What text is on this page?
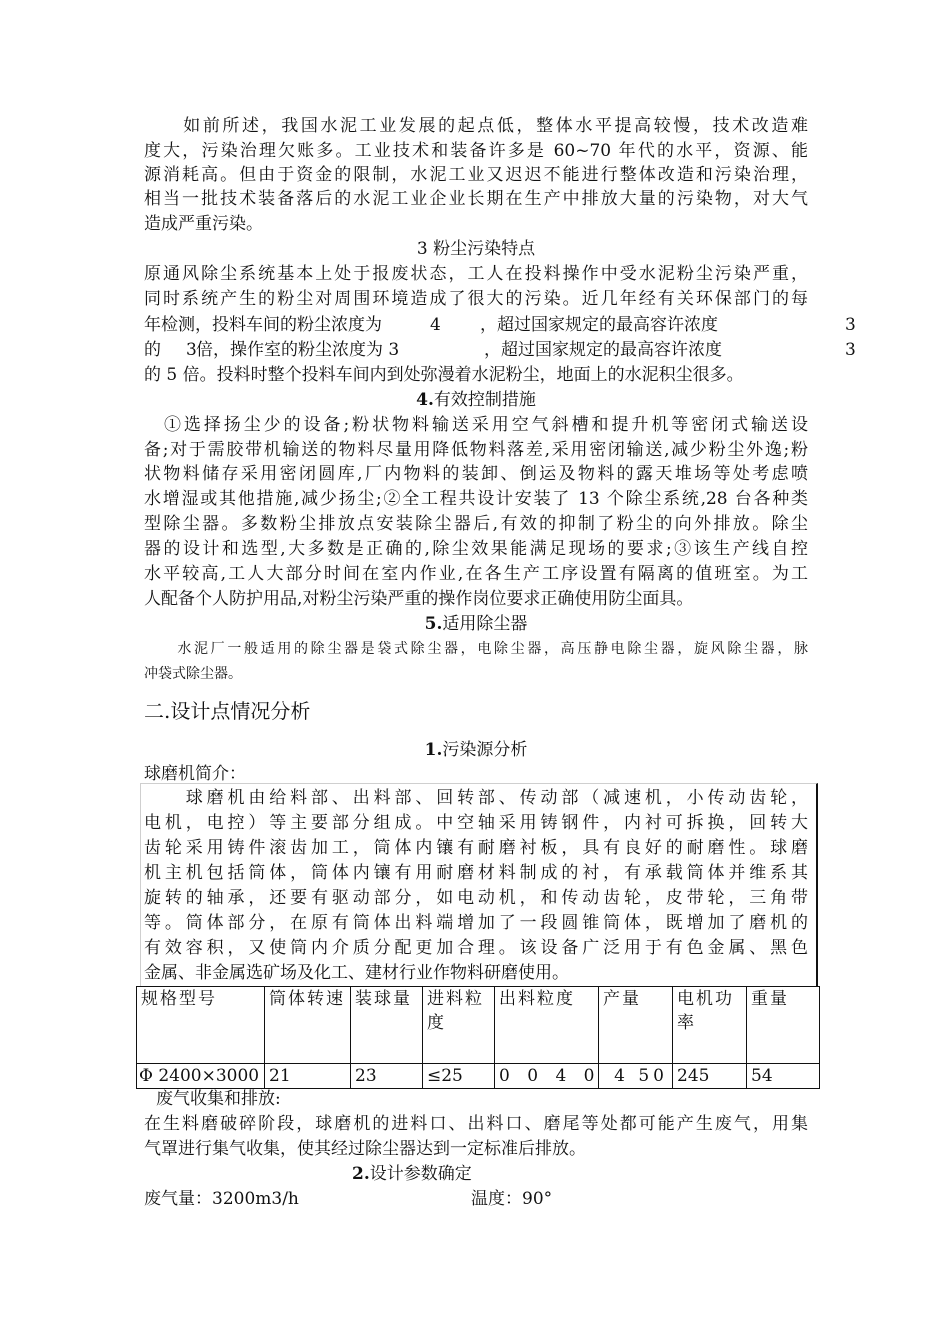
　　如前所述，我国水泥工业发展的起点低，整体水平提高较慢，技术改造难
度大，污染治理欠账多。工业技术和装备许多是 60~70 年代的水平，资源、能
源消耗高。但由于资金的限制，水泥工业又迟迟不能进行整体改造和污染治理，
相当一批技术装备落后的水泥工业企业长期在生产中排放大量的污染物，对大气
造成严重污染。
3 粉尘污染特点
原通风除尘系统基本上处于报废状态，工人在投料操作中受水泥粉尘污染严重，
同时系统产生的粉尘对周围环境造成了很大的污染。近几年经有关环保部门的每
年检测，投料车间的粉尘浓度为	4 ，超过国家规定的最高容许浓度	3
的 3 倍，操作室的粉尘浓度为 3	，超过国家规定的最高容许浓度	3
的 5 倍。投料时整个投料车间内到处弥漫着水泥粉尘，地面上的水泥积尘很多。
4.有效控制措施
　①选择扬尘少的设备;粉状物料输送采用空气斜槽和提升机等密闭式输送设
备;对于需胶带机输送的物料尽量用降低物料落差,采用密闭输送,减少粉尘外逸;粉
状物料储存采用密闭圆库,厂内物料的装卸、倒运及物料的露天堆场等处考虑喷
水增湿或其他措施,减少扬尘;②全工程共设计安装了 13 个除尘系统,28 台各种类
型除尘器。多数粉尘排放点安装除尘器后,有效的抑制了粉尘的向外排放。除尘
器的设计和选型,大多数是正确的,除尘效果能满足现场的要求;③该生产线自控
水平较高,工人大部分时间在室内作业,在各生产工序设置有隔离的值班室。为工
人配备个人防护用品,对粉尘污染严重的操作岗位要求正确使用防尘面具。
5.适用除尘器
　　水泥厂一般适用的除尘器是袋式除尘器，电除尘器，高压静电除尘器，旋风除尘器，脉
冲袋式除尘器。
二.设计点情况分析
1.污染源分析
球磨机简介：
　　球磨机由给料部、出料部、回转部、传动部（减速机，小传动齿轮，
电机，电控）等主要部分组成。中空轴采用铸钢件，内衬可拆换，回转大
齿轮采用铸件滚齿加工，筒体内镶有耐磨衬板，具有良好的耐磨性。球磨
机主机包括筒体，筒体内镶有用耐磨材料制成的衬，有承载筒体并维系其
旋转的轴承，还要有驱动部分，如电动机，和传动齿轮，皮带轮，三角带
等。筒体部分，在原有筒体出料端增加了一段圆锥筒体，既增加了磨机的
有效容积，又使筒内介质分配更加合理。该设备广泛用于有色金属、黑色
金属、非金属选矿场及化工、建材行业作物料研磨使用。
规格型号	筒体转速	装球量	进料粒度	出料粒度	产量	电机功率	重量
Φ 2400×3000	21	23	≤25	0 0 4 0	4 50	245	54
废气收集和排放:
在生料磨破碎阶段，球磨机的进料口、出料口、磨尾等处都可能产生废气，用集
气罩进行集气收集，使其经过除尘器达到一定标准后排放。
2.设计参数确定
废气量：3200m3/h	温度：90°
